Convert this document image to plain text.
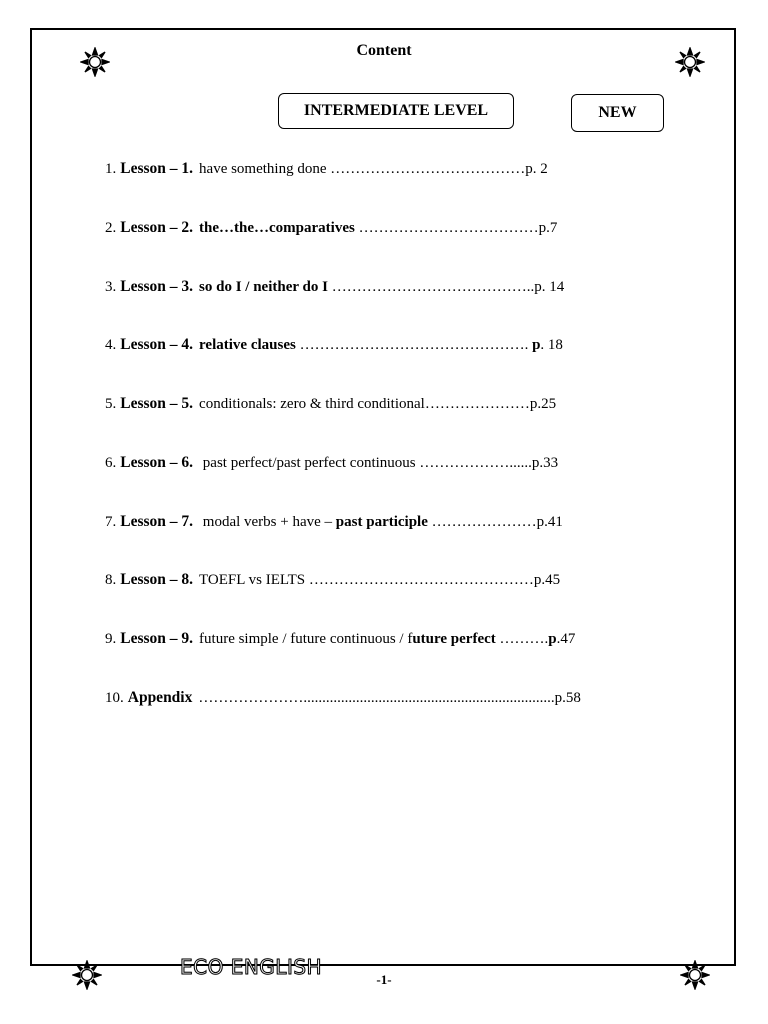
Content
INTERMEDIATE LEVEL	NEW
1. Lesson – 1. have something done …………………………………p. 2
2. Lesson – 2. the…the…comparatives ………………………………p.7
3. Lesson – 3. so do I / neither do I …………………………………..p. 14
4. Lesson – 4. relative clauses ………………………………………. p. 18
5. Lesson – 5. conditionals: zero & third conditional…………………p.25
6. Lesson – 6. past perfect/past perfect continuous ………………......p.33
7. Lesson – 7. modal verbs + have – past participle …………………p.41
8. Lesson – 8. TOEFL vs IELTS ………………………………………p.45
9. Lesson – 9. future simple / future continuous / future perfect ……….p.47
10. Appendix …………………...................................................................p.58
ECO ENGLISH
-1-
